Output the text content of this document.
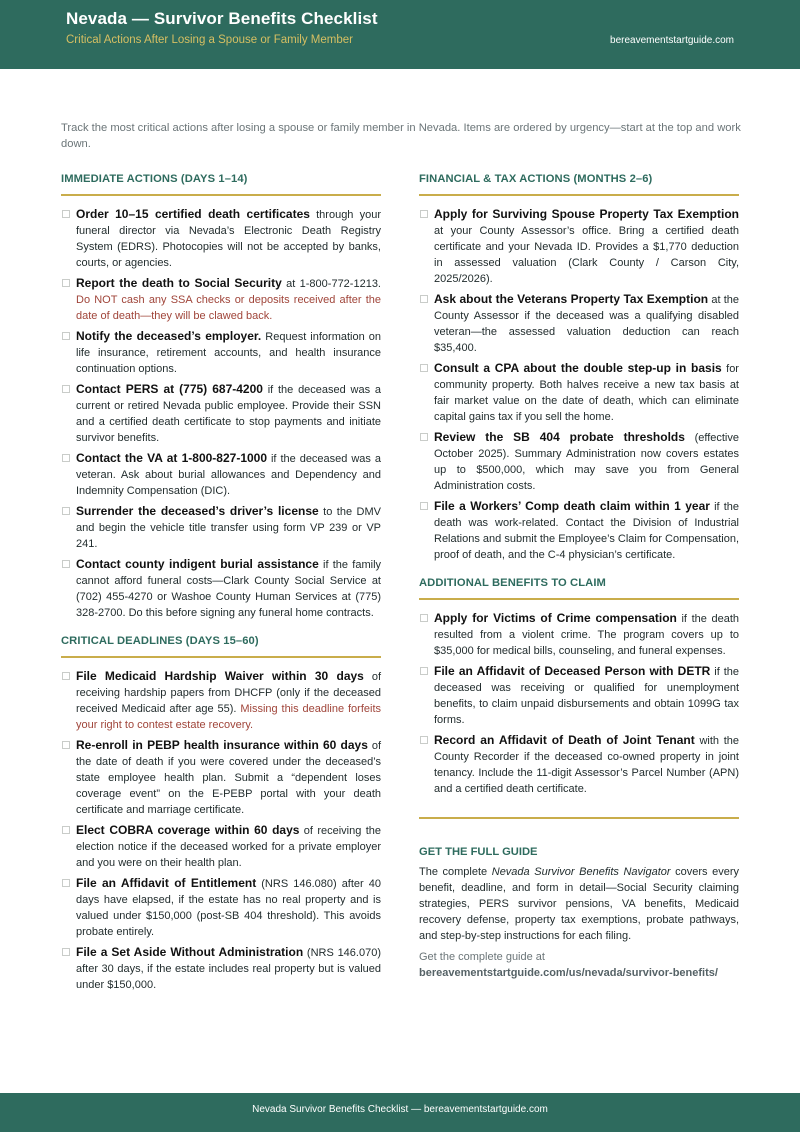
Nevada — Survivor Benefits Checklist
Critical Actions After Losing a Spouse or Family Member	bereavementstartguide.com

Track the most critical actions after losing a spouse or family member in Nevada. Items are ordered by urgency—start at the top and work down.

IMMEDIATE ACTIONS (DAYS 1–14)
Order 10–15 certified death certificates through your funeral director via Nevada’s Electronic Death Registry System (EDRS). Photocopies will not be accepted by banks, courts, or agencies.
Report the death to Social Security at 1-800-772-1213. Do NOT cash any SSA checks or deposits received after the date of death—they will be clawed back.
Notify the deceased’s employer. Request information on life insurance, retirement accounts, and health insurance continuation options.
Contact PERS at (775) 687-4200 if the deceased was a current or retired Nevada public employee. Provide their SSN and a certified death certificate to stop payments and initiate survivor benefits.
Contact the VA at 1-800-827-1000 if the deceased was a veteran. Ask about burial allowances and Dependency and Indemnity Compensation (DIC).
Surrender the deceased’s driver’s license to the DMV and begin the vehicle title transfer using form VP 239 or VP 241.
Contact county indigent burial assistance if the family cannot afford funeral costs—Clark County Social Service at (702) 455-4270 or Washoe County Human Services at (775) 328-2700. Do this before signing any funeral home contracts.
CRITICAL DEADLINES (DAYS 15–60)
File Medicaid Hardship Waiver within 30 days of receiving hardship papers from DHCFP (only if the deceased received Medicaid after age 55). Missing this deadline forfeits your right to contest estate recovery.
Re-enroll in PEBP health insurance within 60 days of the date of death if you were covered under the deceased’s state employee health plan. Submit a “dependent loses coverage event” on the E-PEBP portal with your death certificate and marriage certificate.
Elect COBRA coverage within 60 days of receiving the election notice if the deceased worked for a private employer and you were on their health plan.
File an Affidavit of Entitlement (NRS 146.080) after 40 days have elapsed, if the estate has no real property and is valued under $150,000 (post-SB 404 threshold). This avoids probate entirely.
File a Set Aside Without Administration (NRS 146.070) after 30 days, if the estate includes real property but is valued under $150,000.
FINANCIAL & TAX ACTIONS (MONTHS 2–6)
Apply for Surviving Spouse Property Tax Exemption at your County Assessor’s office. Bring a certified death certificate and your Nevada ID. Provides a $1,770 deduction in assessed valuation (Clark County / Carson City, 2025/2026).
Ask about the Veterans Property Tax Exemption at the County Assessor if the deceased was a qualifying disabled veteran—the assessed valuation deduction can reach $35,400.
Consult a CPA about the double step-up in basis for community property. Both halves receive a new tax basis at fair market value on the date of death, which can eliminate capital gains tax if you sell the home.
Review the SB 404 probate thresholds (effective October 2025). Summary Administration now covers estates up to $500,000, which may save you from General Administration costs.
File a Workers’ Comp death claim within 1 year if the death was work-related. Contact the Division of Industrial Relations and submit the Employee’s Claim for Compensation, proof of death, and the C-4 physician’s certificate.
ADDITIONAL BENEFITS TO CLAIM
Apply for Victims of Crime compensation if the death resulted from a violent crime. The program covers up to $35,000 for medical bills, counseling, and funeral expenses.
File an Affidavit of Deceased Person with DETR if the deceased was receiving or qualified for unemployment benefits, to claim unpaid disbursements and obtain 1099G tax forms.
Record an Affidavit of Death of Joint Tenant with the County Recorder if the deceased co-owned property in joint tenancy. Include the 11-digit Assessor’s Parcel Number (APN) and a certified death certificate.
GET THE FULL GUIDE

The complete Nevada Survivor Benefits Navigator covers every benefit, deadline, and form in detail—Social Security claiming strategies, PERS survivor pensions, VA benefits, Medicaid recovery defense, property tax exemptions, probate pathways, and step-by-step instructions for each filing.

Get the complete guide at

bereavementstartguide.com/us/nevada/survivor-benefits/

Nevada Survivor Benefits Checklist — bereavementstartguide.com
